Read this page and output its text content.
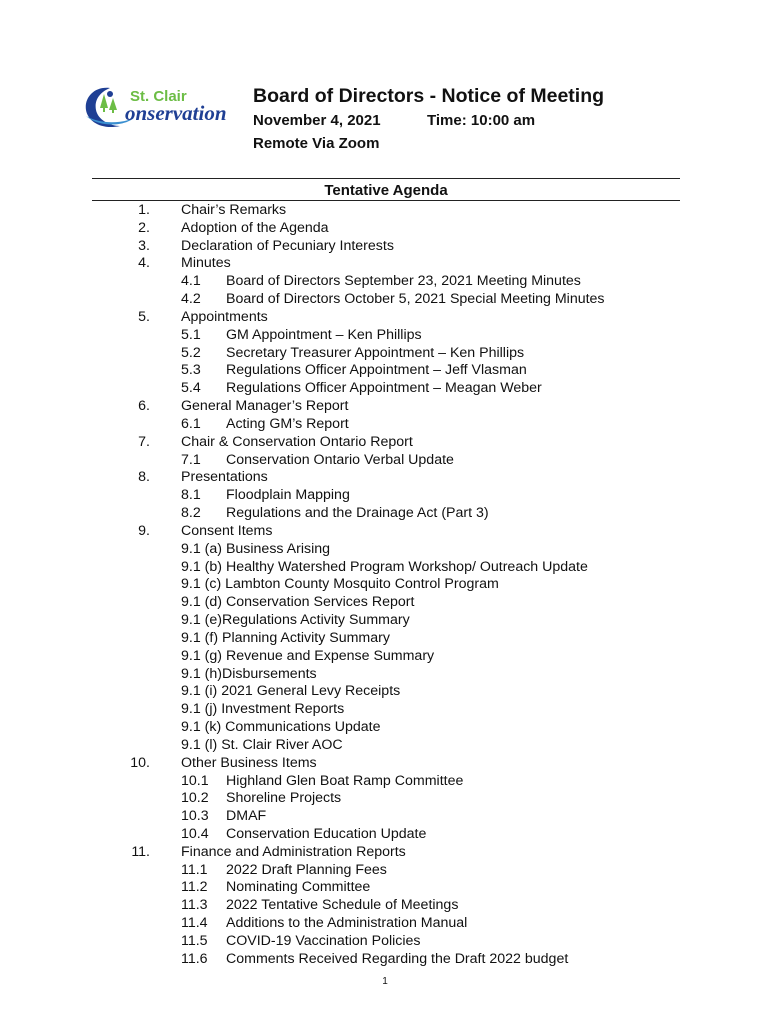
St. Clair
onservation
Board of Directors - Notice of Meeting
November 4, 2021	Time: 10:00 am
Remote Via Zoom
Tentative Agenda
1. Chair’s Remarks
2. Adoption of the Agenda
3. Declaration of Pecuniary Interests
4. Minutes
4.1 Board of Directors September 23, 2021 Meeting Minutes
4.2 Board of Directors October 5, 2021 Special Meeting Minutes
5. Appointments
5.1 GM Appointment – Ken Phillips
5.2 Secretary Treasurer Appointment – Ken Phillips
5.3 Regulations Officer Appointment – Jeff Vlasman
5.4 Regulations Officer Appointment – Meagan Weber
6. General Manager’s Report
6.1 Acting GM’s Report
7. Chair & Conservation Ontario Report
7.1 Conservation Ontario Verbal Update
8. Presentations
8.1 Floodplain Mapping
8.2 Regulations and the Drainage Act (Part 3)
9. Consent Items
9.1 (a) Business Arising
9.1 (b) Healthy Watershed Program Workshop/ Outreach Update
9.1 (c) Lambton County Mosquito Control Program
9.1 (d) Conservation Services Report
9.1 (e)Regulations Activity Summary
9.1 (f) Planning Activity Summary
9.1 (g) Revenue and Expense Summary
9.1 (h)Disbursements
9.1 (i) 2021 General Levy Receipts
9.1 (j) Investment Reports
9.1 (k) Communications Update
9.1 (l) St. Clair River AOC
10. Other Business Items
10.1 Highland Glen Boat Ramp Committee
10.2 Shoreline Projects
10.3 DMAF
10.4 Conservation Education Update
11. Finance and Administration Reports
11.1 2022 Draft Planning Fees
11.2 Nominating Committee
11.3 2022 Tentative Schedule of Meetings
11.4 Additions to the Administration Manual
11.5 COVID-19 Vaccination Policies
11.6 Comments Received Regarding the Draft 2022 budget
1
